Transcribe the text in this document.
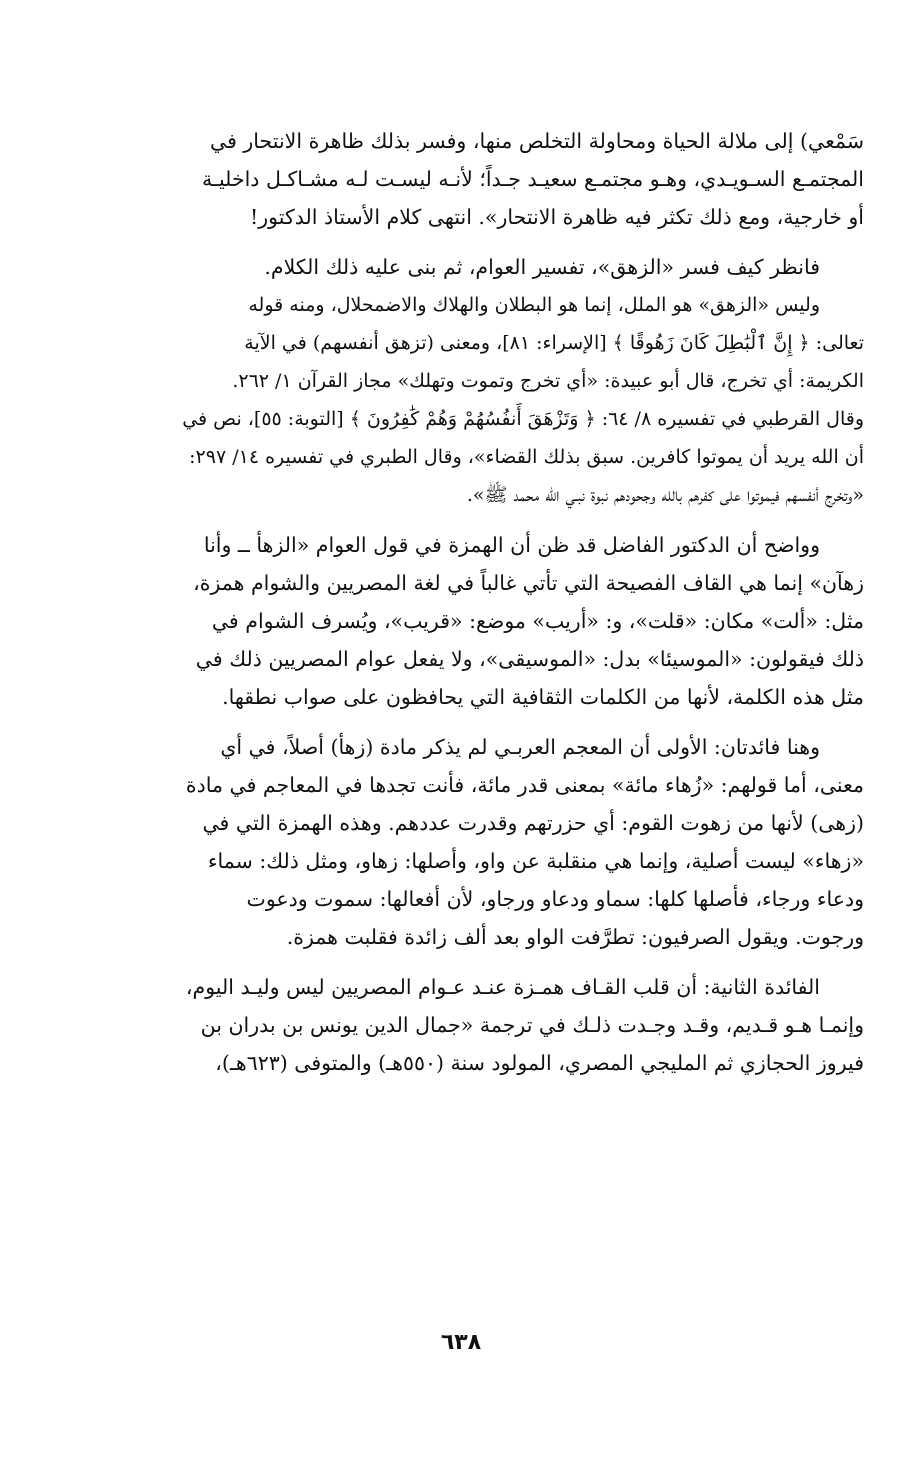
سَمْعي) إلى ملالة الحياة ومحاولة التخلص منها، وفسر بذلك ظاهرة الانتحار في
المجتمـع السـويـدي، وهـو مجتمـع سعيـد جـداً؛ لأنـه ليسـت لـه مشـاكـل داخليـة
أو خارجية، ومع ذلك تكثر فيه ظاهرة الانتحار». انتهى كلام الأستاذ الدكتور!
فانظر كيف فسر «الزهق»، تفسير العوام، ثم بنى عليه ذلك الكلام.
وليس «الزهق» هو الملل، إنما هو البطلان والهلاك والاضمحلال، ومنه قوله
تعالى: ﴿ إِنَّ ٱلْبَٰطِلَ كَانَ زَهُوقًا ﴾ [الإسراء: ٨١]، ومعنى (تزهق أنفسهم) في الآية
الكريمة: أي تخرج، قال أبو عبيدة: «أي تخرج وتموت وتهلك» مجاز القرآن ١/ ٢٦٢.
وقال القرطبي في تفسيره ٨/ ٦٤: ﴿ وَتَزْهَقَ أَنفُسُهُمْ وَهُمْ كَٰفِرُونَ ﴾ [التوبة: ٥٥]، نص في
أن الله يريد أن يموتوا كافرين. سبق بذلك القضاء»، وقال الطبري في تفسيره ١٤/ ٢٩٧:
«وتخرج أنفسهم فيموتوا على كفرهم بالله وجحودهم نبوة نبـي الله محمد ﷺ».
وواضح أن الدكتور الفاضل قد ظن أن الهمزة في قول العوام «الزهأ ــ وأنا
زهآن» إنما هي القاف الفصيحة التي تأتي غالباً في لغة المصريين والشوام همزة،
مثل: «ألت» مكان: «قلت»، و: «أريب» موضع: «قريب»، ويُسرف الشوام في
ذلك فيقولون: «الموسيئا» بدل: «الموسيقى»، ولا يفعل عوام المصريين ذلك في
مثل هذه الكلمة، لأنها من الكلمات الثقافية التي يحافظون على صواب نطقها.
وهنا فائدتان: الأولى أن المعجم العربـي لم يذكر مادة (زهأ) أصلاً، في أي
معنى، أما قولهم: «زُهاء مائة» بمعنى قدر مائة، فأنت تجدها في المعاجم في مادة
(زهى) لأنها من زهوت القوم: أي حزرتهم وقدرت عددهم. وهذه الهمزة التي في
«زهاء» ليست أصلية، وإنما هي منقلبة عن واو، وأصلها: زهاو، ومثل ذلك: سماء
ودعاء ورجاء، فأصلها كلها: سماو ودعاو ورجاو، لأن أفعالها: سموت ودعوت
ورجوت. ويقول الصرفيون: تطرَّفت الواو بعد ألف زائدة فقلبت همزة.
الفائدة الثانية: أن قلب القـاف همـزة عنـد عـوام المصريين ليس وليـد اليوم،
وإنمـا هـو قـديم، وقـد وجـدت ذلـك في ترجمة «جمال الدين يونس بن بدران بن
فيروز الحجازي ثم المليجي المصري، المولود سنة (٥٥٠هـ) والمتوفى (٦٢٣هـ)،
٦٣٨
